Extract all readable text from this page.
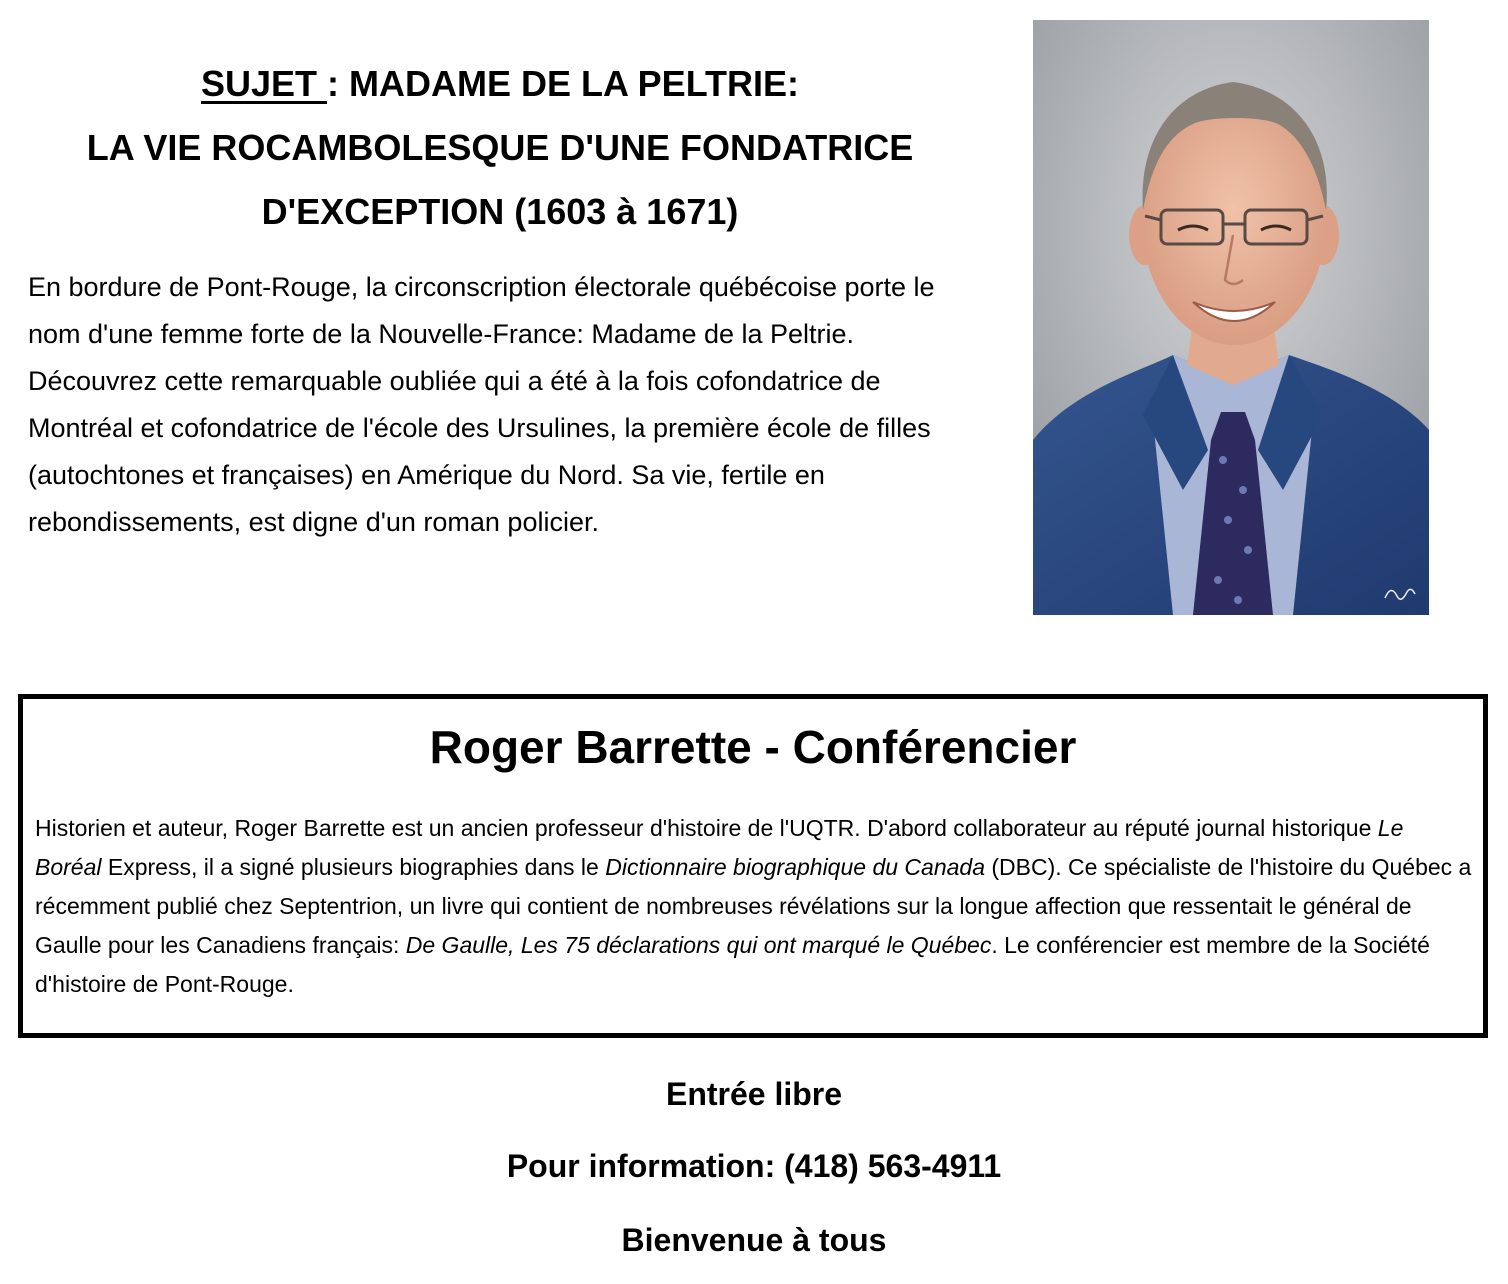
SUJET : MADAME DE LA PELTRIE:
LA VIE ROCAMBOLESQUE D'UNE FONDATRICE
D'EXCEPTION (1603 à 1671)
En bordure de Pont-Rouge, la circonscription électorale québécoise porte le nom d'une femme forte de la Nouvelle-France: Madame de la Peltrie. Découvrez cette remarquable oubliée qui a été à la fois cofondatrice de Montréal et cofondatrice de l'école des Ursulines, la première école de filles (autochtones et françaises) en Amérique du Nord. Sa vie, fertile en rebondissements, est digne d'un roman policier.
Roger Barrette - Conférencier
Historien et auteur, Roger Barrette est un ancien professeur d'histoire de l'UQTR. D'abord collaborateur au réputé journal historique Le Boréal Express, il a signé plusieurs biographies dans le Dictionnaire biographique du Canada (DBC). Ce spécialiste de l'histoire du Québec a récemment publié chez Septentrion, un livre qui contient de nombreuses révélations sur la longue affection que ressentait le général de Gaulle pour les Canadiens français: De Gaulle, Les 75 déclarations qui ont marqué le Québec. Le conférencier est membre de la Société d'histoire de Pont-Rouge.
Entrée libre
Pour information: (418) 563-4911
Bienvenue à tous
